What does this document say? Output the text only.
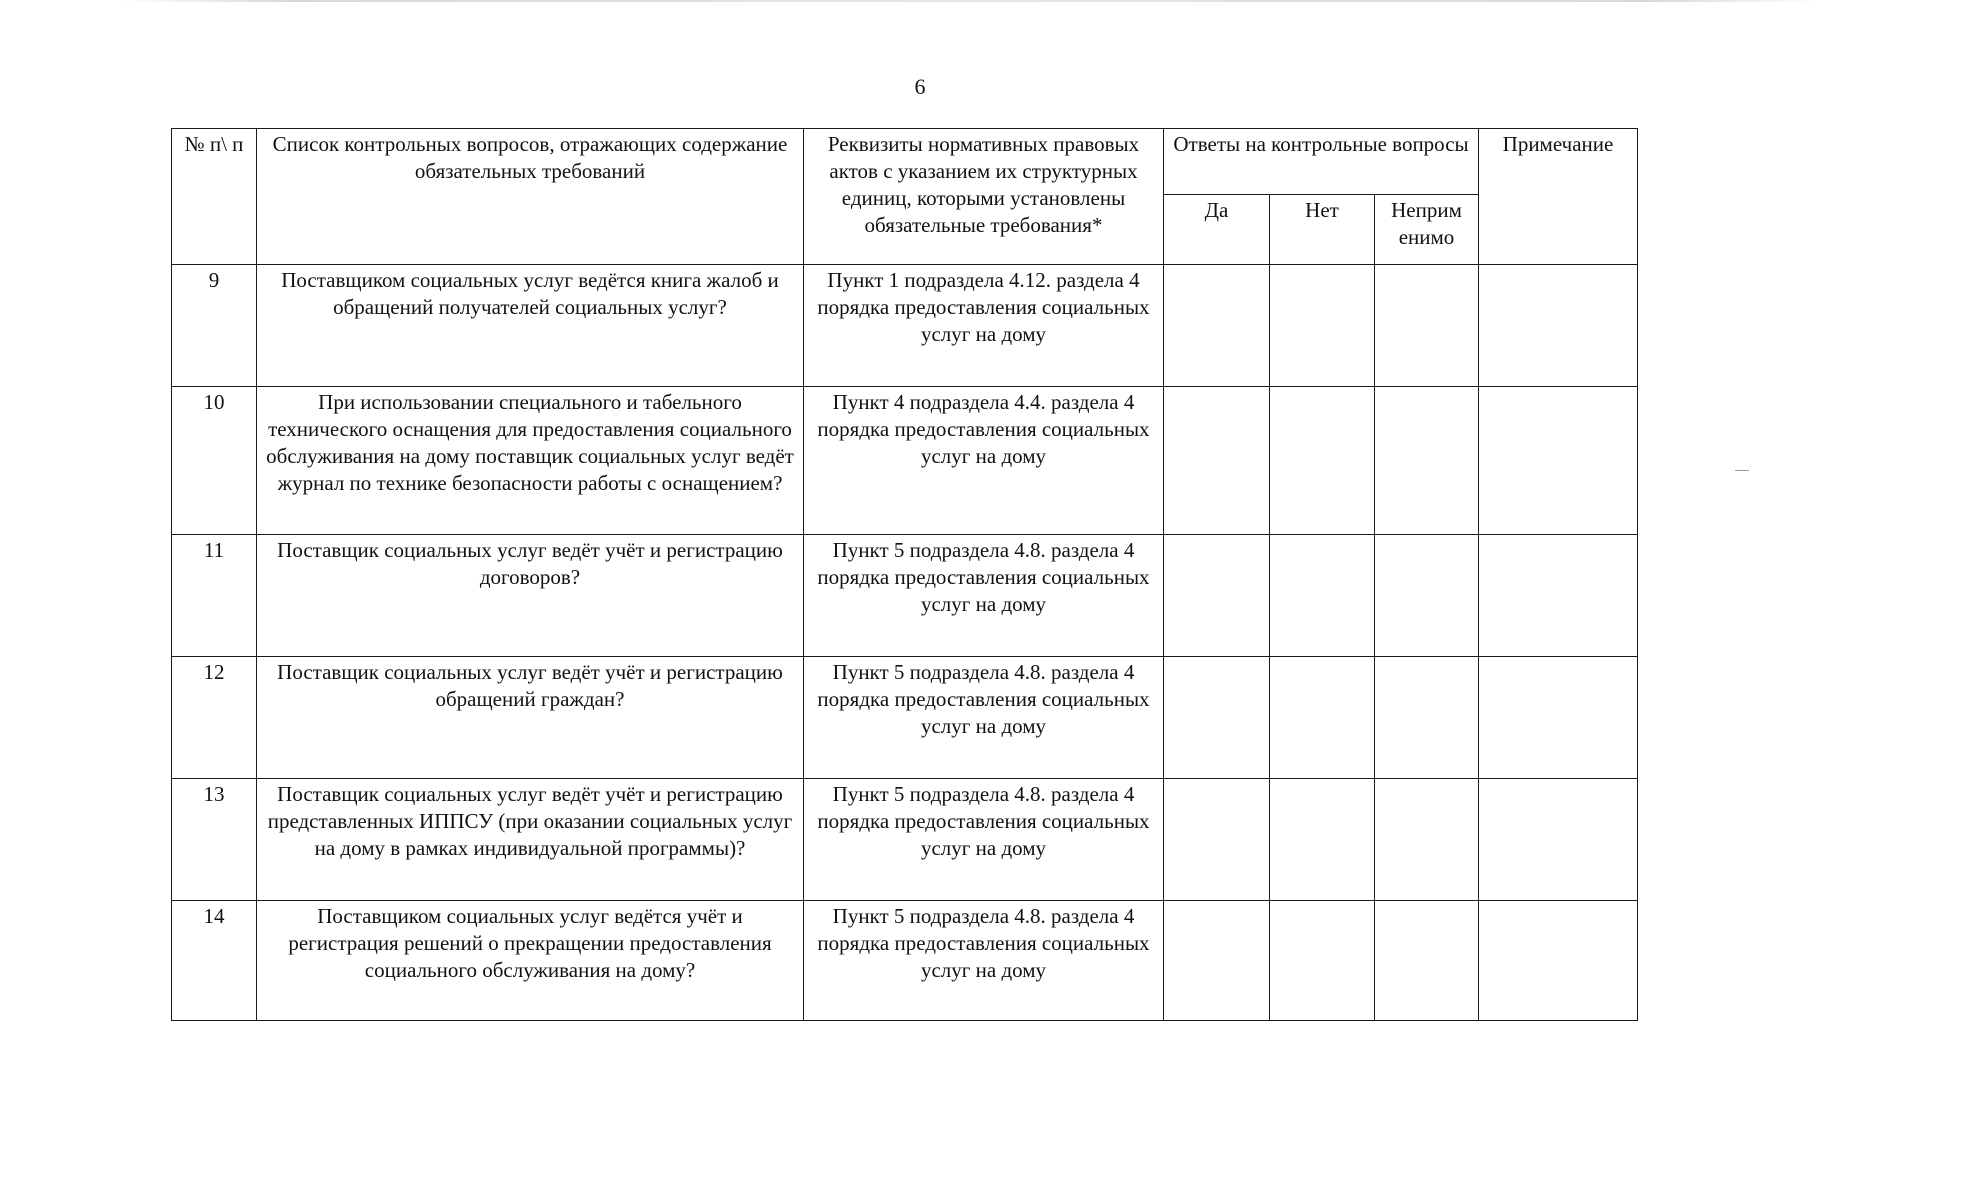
6
№ п\ п	Список контрольных вопросов, отражающих содержание обязательных требований	Реквизиты нормативных правовых актов с указанием их структурных единиц, которыми установлены обязательные требования*	Ответы на контрольные вопросы			Примечание
			Да	Нет	Неприм енимо	
9	Поставщиком социальных услуг ведётся книга жалоб и обращений получателей социальных услуг?	Пункт 1 подраздела 4.12. раздела 4 порядка предоставления социальных услуг на дому				
10	При использовании специального и табельного технического оснащения для предоставления социального обслуживания на дому поставщик социальных услуг ведёт журнал по технике безопасности работы с оснащением?	Пункт 4 подраздела 4.4. раздела 4 порядка предоставления социальных услуг на дому				
11	Поставщик социальных услуг ведёт учёт и регистрацию договоров?	Пункт 5 подраздела 4.8. раздела 4 порядка предоставления социальных услуг на дому				
12	Поставщик социальных услуг ведёт учёт и регистрацию обращений граждан?	Пункт 5 подраздела 4.8. раздела 4 порядка предоставления социальных услуг на дому				
13	Поставщик социальных услуг ведёт учёт и регистрацию представленных ИППСУ (при оказании социальных услуг на дому в рамках индивидуальной программы)?	Пункт 5 подраздела 4.8. раздела 4 порядка предоставления социальных услуг на дому				
14	Поставщиком социальных услуг ведётся учёт и регистрация решений о прекращении предоставления социального обслуживания на дому?	Пункт 5 подраздела 4.8. раздела 4 порядка предоставления социальных услуг на дому				
